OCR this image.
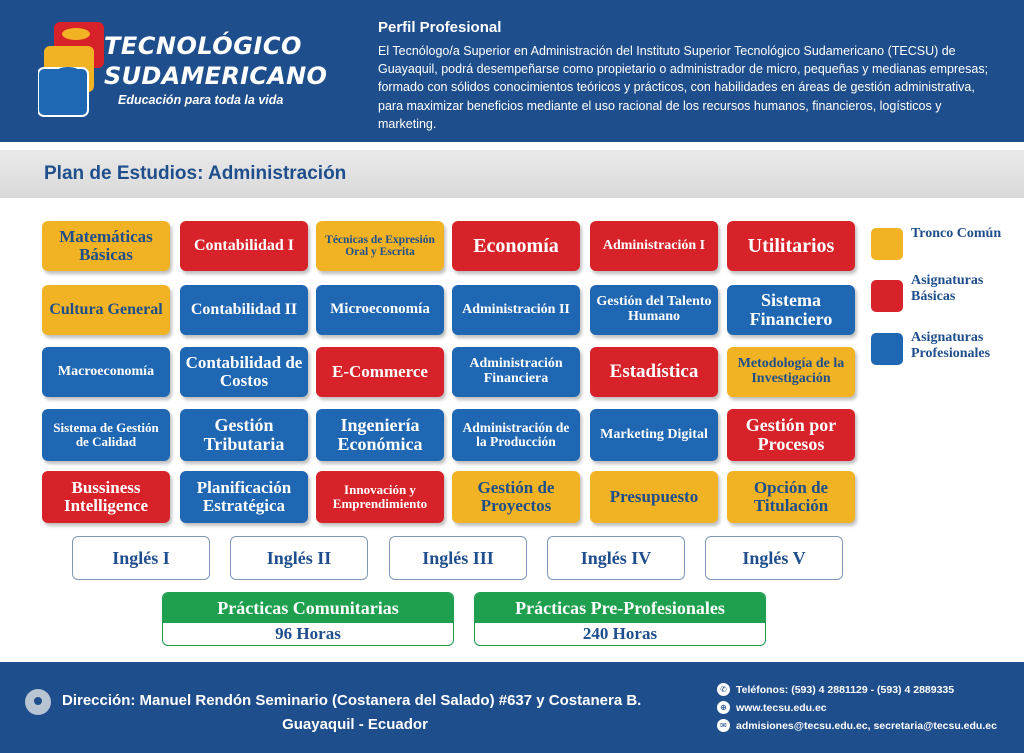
TECNOLÓGICO
SUDAMERICANO
Educación para toda la vida
Perfil Profesional
El Tecnólogo/a Superior en Administración del Instituto Superior Tecnológico Sudamericano (TECSU) de Guayaquil, podrá desempeñarse como propietario o administrador de micro, pequeñas y medianas empresas; formado con sólidos conocimientos teóricos y prácticos, con habilidades en áreas de gestión administrativa, para maximizar beneficios mediante el uso racional de los recursos humanos, financieros, logísticos y marketing.
Plan de Estudios: Administración
Matemáticas Básicas	Contabilidad I	Técnicas de Expresión Oral y Escrita	Economía	Administración I	Utilitarios
Cultura General	Contabilidad II	Microeconomía	Administración II	Gestión del Talento Humano
Sistema Financiero
Macroeconomía	Contabilidad de Costos	E-Commerce	Administración Financiera	Estadística	Metodología de la Investigación
Sistema de Gestión de Calidad
Gestión Tributaria
Ingeniería Económica
Administración de la Producción	Marketing Digital	Gestión por Procesos
Bussiness Intelligence
Planificación Estratégica
Innovación y Emprendimiento
Gestión de Proyectos	Presupuesto	Opción de Titulación
Tronco Común
Asignaturas Básicas
Asignaturas Profesionales
Inglés I	Inglés II	Inglés III	Inglés IV	Inglés V
Prácticas Comunitarias
96 Horas
Prácticas Pre-Profesionales
240 Horas
Dirección: Manuel Rendón Seminario (Costanera del Salado) #637 y Costanera B.
Guayaquil - Ecuador
✆ Teléfonos: (593) 4 2881129 - (593) 4 2889335
⊕ www.tecsu.edu.ec
✉ admisiones@tecsu.edu.ec, secretaria@tecsu.edu.ec
